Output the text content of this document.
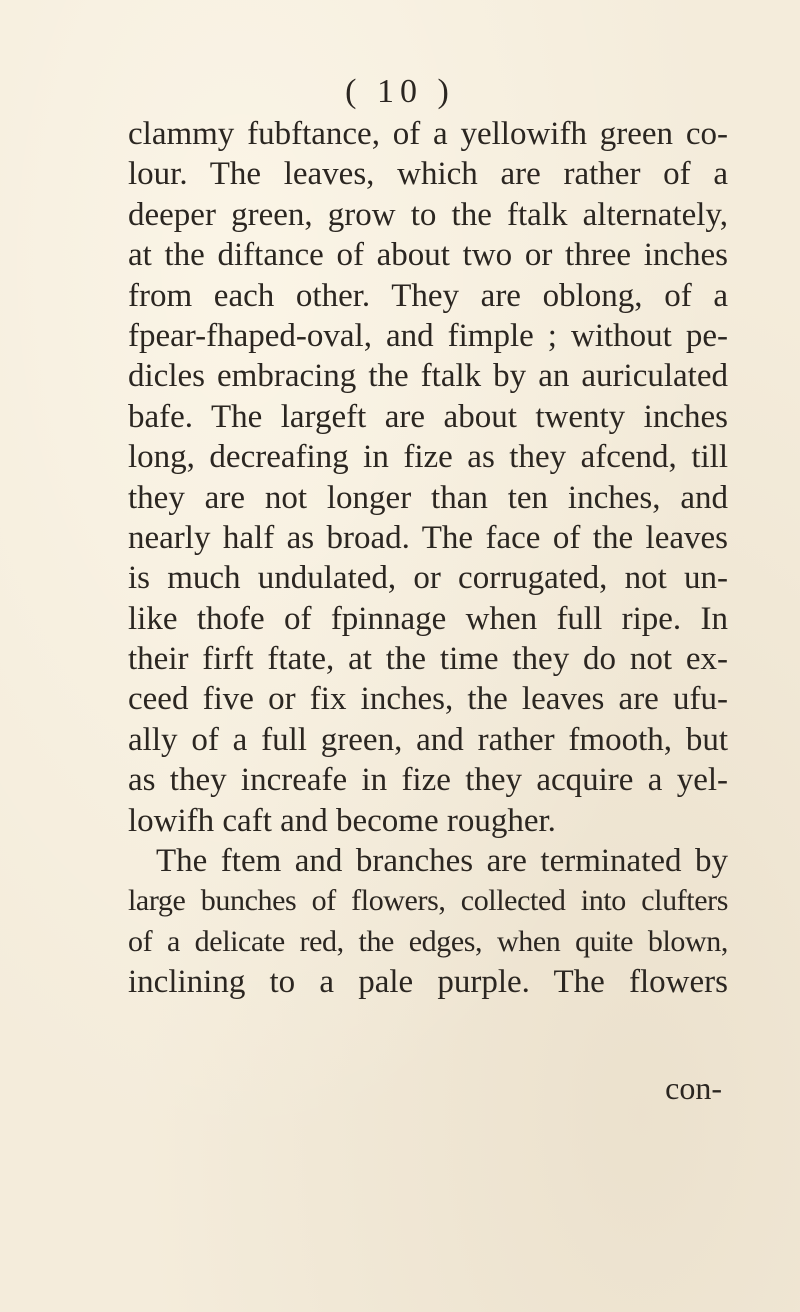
( 10 )
clammy fubftance, of a yellowifh green co-
lour. The leaves, which are rather of a
deeper green, grow to the ftalk alternately,
at the diftance of about two or three inches
from each other. They are oblong, of a
fpear-fhaped-oval, and fimple ; without pe-
dicles embracing the ftalk by an auriculated
bafe. The largeft are about twenty inches
long, decreafing in fize as they afcend, till
they are not longer than ten inches, and
nearly half as broad. The face of the leaves
is much undulated, or corrugated, not un-
like thofe of fpinnage when full ripe. In
their firft ftate, at the time they do not ex-
ceed five or fix inches, the leaves are ufu-
ally of a full green, and rather fmooth, but
as they increafe in fize they acquire a yel-
lowifh caft and become rougher.
The ftem and branches are terminated by
large bunches of flowers, collected into clufters
of a delicate red, the edges, when quite blown,
inclining to a pale purple. The flowers
con-
